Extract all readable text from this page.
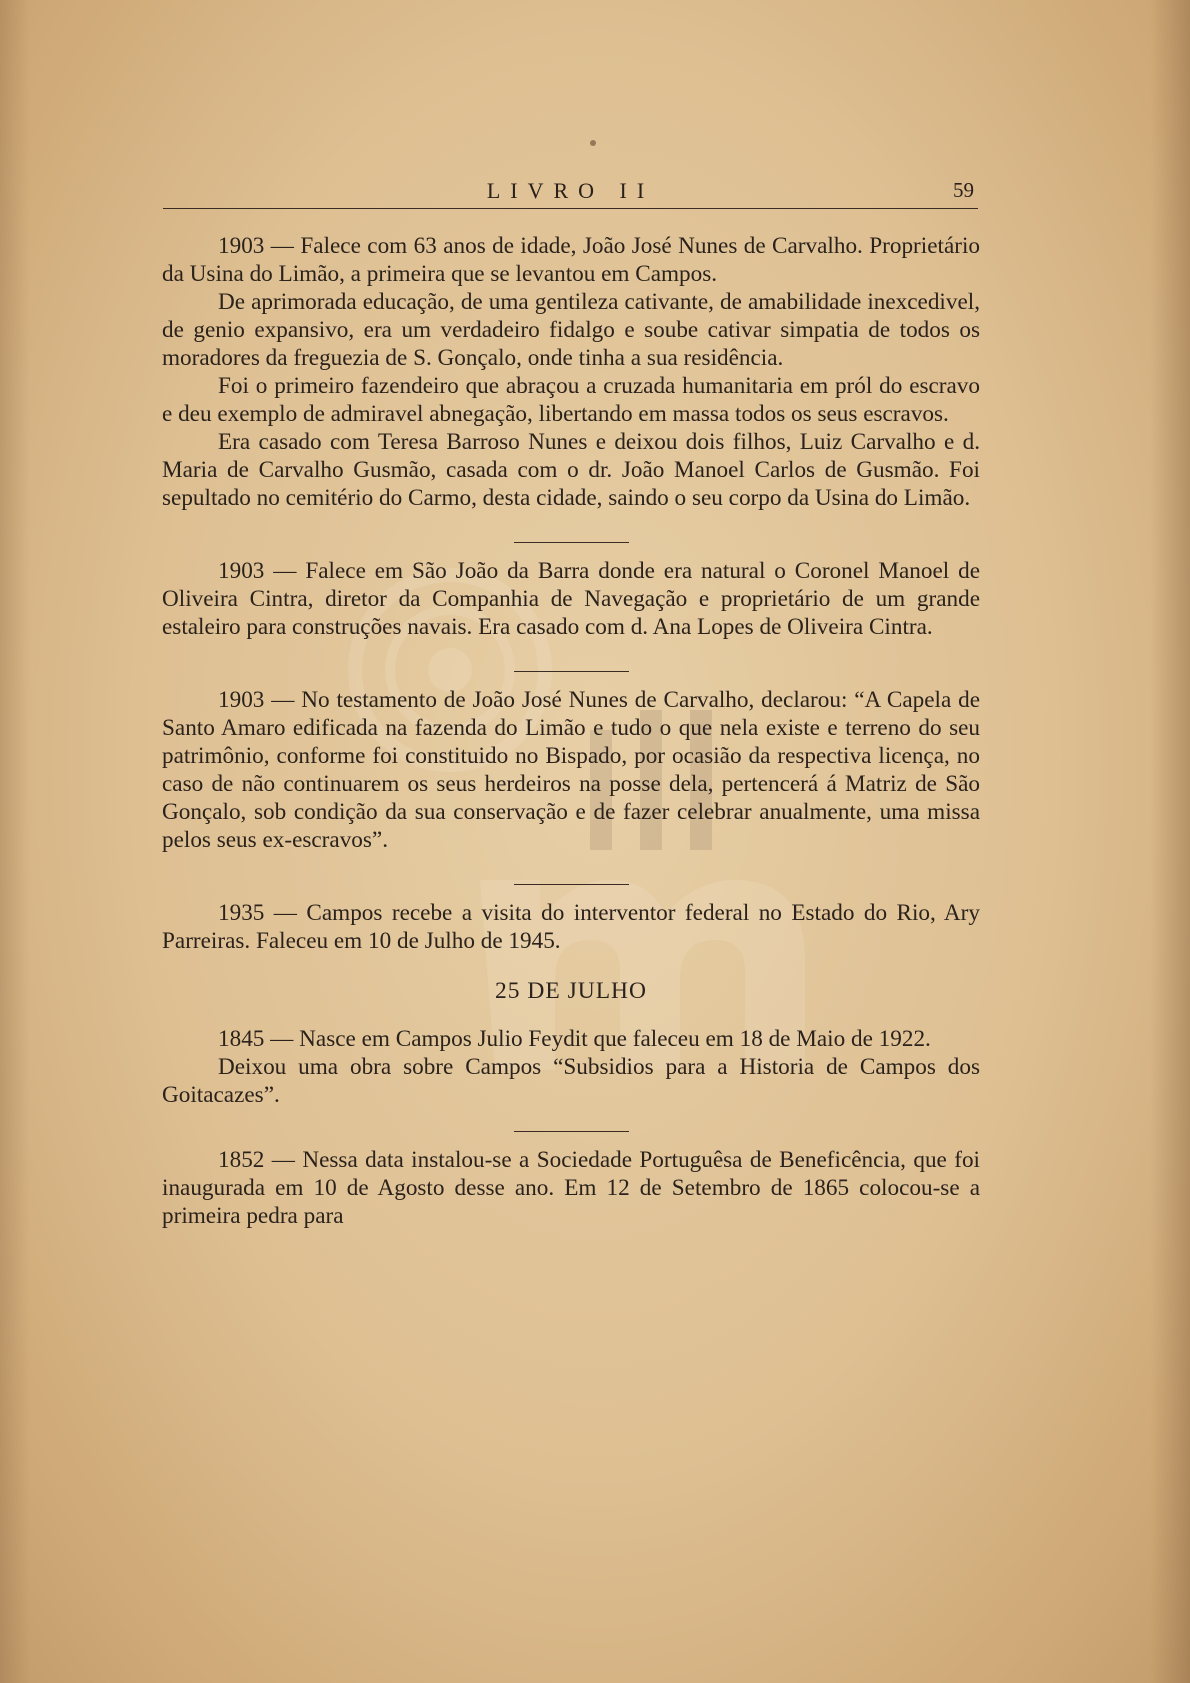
LIVRO II	59

1903 — Falece com 63 anos de idade, João José Nunes de Carvalho. Proprietário da Usina do Limão, a primeira que se levantou em Campos.

De aprimorada educação, de uma gentileza cativante, de amabilidade inexcedivel, de genio expansivo, era um verdadeiro fidalgo e soube cativar simpatia de todos os moradores da freguezia de S. Gonçalo, onde tinha a sua residência.

Foi o primeiro fazendeiro que abraçou a cruzada humanitaria em pról do escravo e deu exemplo de admiravel abnegação, libertando em massa todos os seus escravos.

Era casado com Teresa Barroso Nunes e deixou dois filhos, Luiz Carvalho e d. Maria de Carvalho Gusmão, casada com o dr. João Manoel Carlos de Gusmão. Foi sepultado no cemitério do Carmo, desta cidade, saindo o seu corpo da Usina do Limão.

1903 — Falece em São João da Barra donde era natural o Coronel Manoel de Oliveira Cintra, diretor da Companhia de Navegação e proprietário de um grande estaleiro para construções navais. Era casado com d. Ana Lopes de Oliveira Cintra.

1903 — No testamento de João José Nunes de Carvalho, declarou: “A Capela de Santo Amaro edificada na fazenda do Limão e tudo o que nela existe e terreno do seu patrimônio, conforme foi constituido no Bispado, por ocasião da respectiva licença, no caso de não continuarem os seus herdeiros na posse dela, pertencerá á Matriz de São Gonçalo, sob condição da sua conservação e de fazer celebrar anualmente, uma missa pelos seus ex-escravos”.

1935 — Campos recebe a visita do interventor federal no Estado do Rio, Ary Parreiras. Faleceu em 10 de Julho de 1945.

25 DE JULHO

1845 — Nasce em Campos Julio Feydit que faleceu em 18 de Maio de 1922.

Deixou uma obra sobre Campos “Subsidios para a Historia de Campos dos Goitacazes”.

1852 — Nessa data instalou-se a Sociedade Portuguêsa de Beneficência, que foi inaugurada em 10 de Agosto desse ano. Em 12 de Setembro de 1865 colocou-se a primeira pedra para
